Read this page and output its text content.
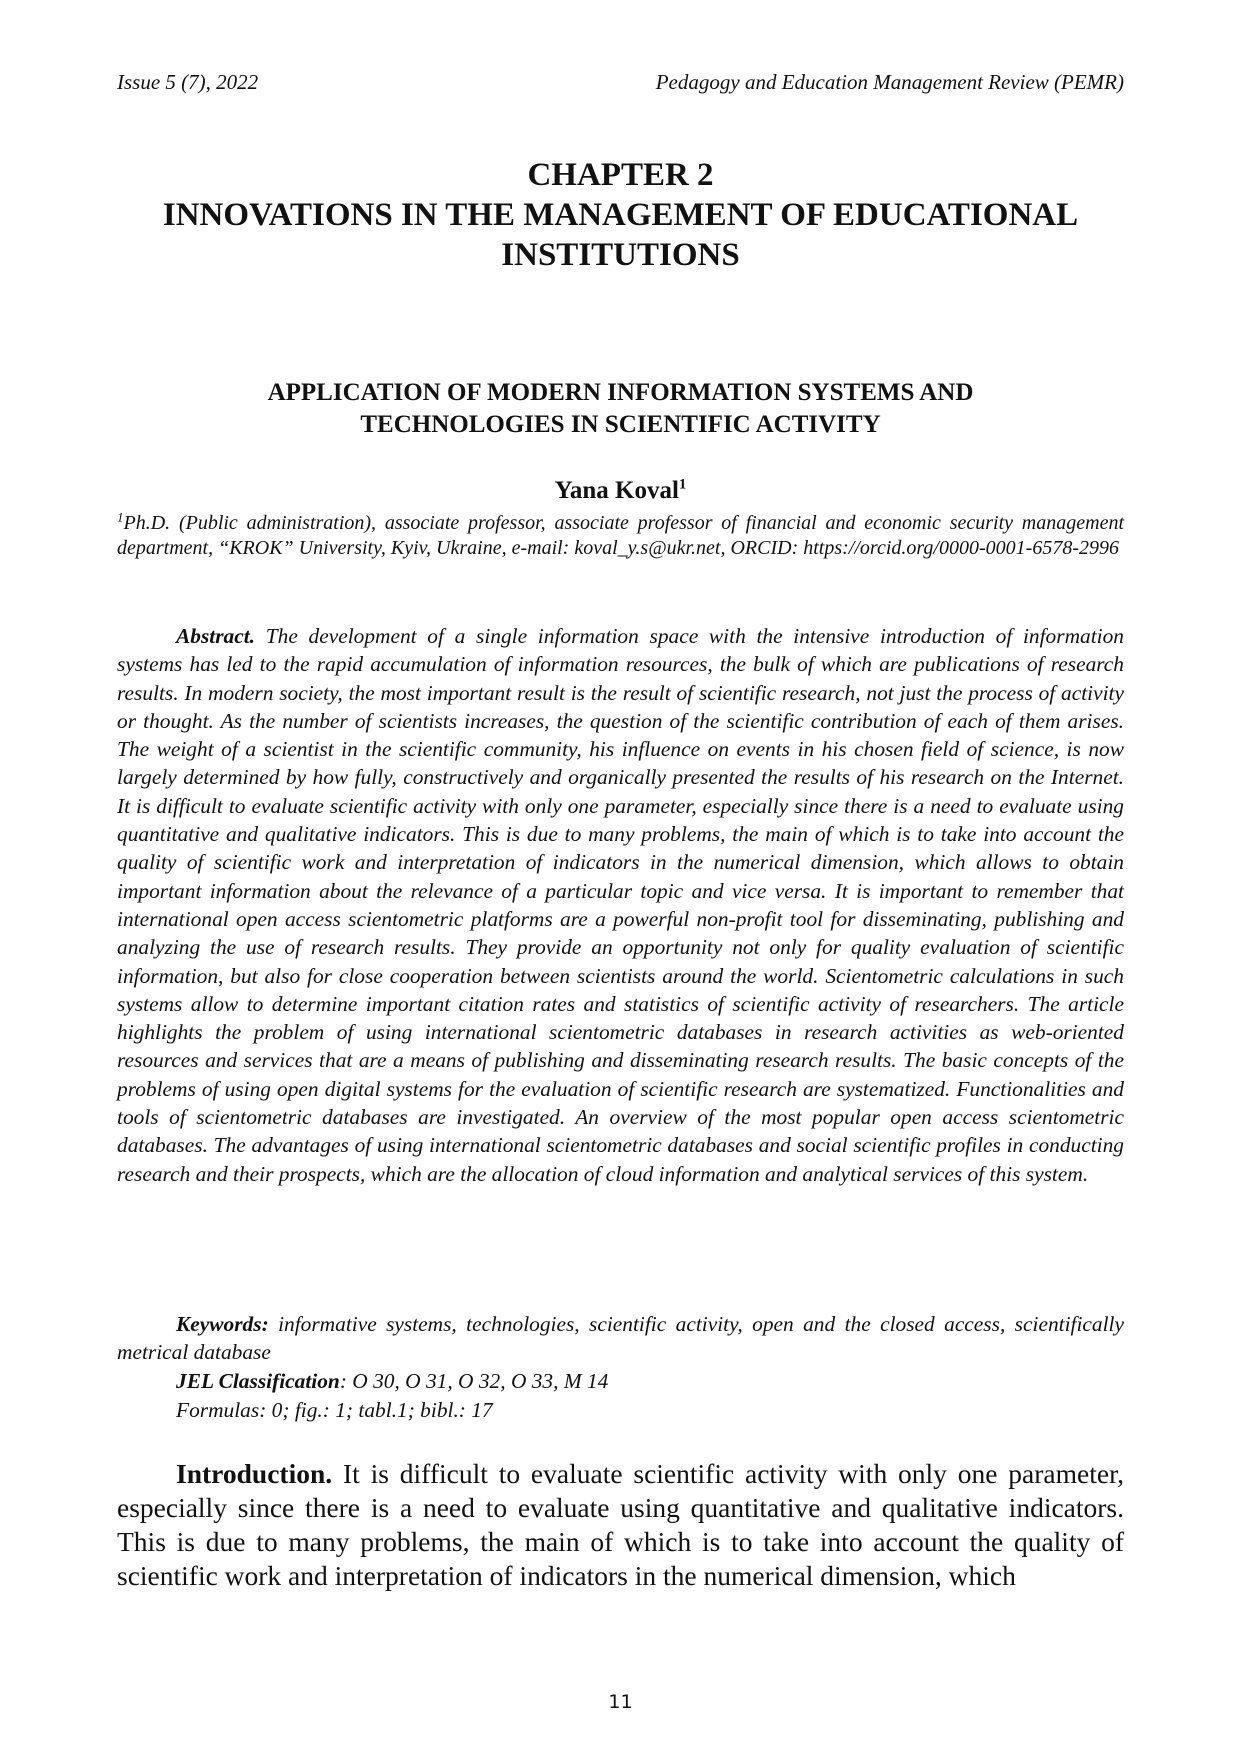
Issue 5 (7), 2022	Pedagogy and Education Management Review (PEMR)
CHAPTER 2
INNOVATIONS IN THE MANAGEMENT OF EDUCATIONAL
INSTITUTIONS
APPLICATION OF MODERN INFORMATION SYSTEMS AND
TECHNOLOGIES IN SCIENTIFIC ACTIVITY
Yana Koval$^1$
$^1$Ph.D. (Public administration), associate professor, associate professor of financial and economic security management department, “KROK” University, Kyiv, Ukraine, e-mail: koval_y.s@ukr.net, ORCID: https://orcid.org/0000-0001-6578-2996

Abstract. The development of a single information space with the intensive introduction of information systems has led to the rapid accumulation of information resources, the bulk of which are publications of research results. In modern society, the most important result is the result of scientific research, not just the process of activity or thought. As the number of scientists increases, the question of the scientific contribution of each of them arises. The weight of a scientist in the scientific community, his influence on events in his chosen field of science, is now largely determined by how fully, constructively and organically presented the results of his research on the Internet. It is difficult to evaluate scientific activity with only one parameter, especially since there is a need to evaluate using quantitative and qualitative indicators. This is due to many problems, the main of which is to take into account the quality of scientific work and interpretation of indicators in the numerical dimension, which allows to obtain important information about the relevance of a particular topic and vice versa. It is important to remember that international open access scientometric platforms are a powerful non-profit tool for disseminating, publishing and analyzing the use of research results. They provide an opportunity not only for quality evaluation of scientific information, but also for close cooperation between scientists around the world. Scientometric calculations in such systems allow to determine important citation rates and statistics of scientific activity of researchers. The article highlights the problem of using international scientometric databases in research activities as web-oriented resources and services that are a means of publishing and disseminating research results. The basic concepts of the problems of using open digital systems for the evaluation of scientific research are systematized. Functionalities and tools of scientometric databases are investigated. An overview of the most popular open access scientometric databases. The advantages of using international scientometric databases and social scientific profiles in conducting research and their prospects, which are the allocation of cloud information and analytical services of this system.

Keywords: informative systems, technologies, scientific activity, open and the closed access, scientifically metrical database
JEL Classification: O 30, O 31, O 32, O 33, M 14
Formulas: 0; fig.: 1; tabl.1; bibl.: 17

Introduction. It is difficult to evaluate scientific activity with only one parameter, especially since there is a need to evaluate using quantitative and qualitative indicators. This is due to many problems, the main of which is to take into account the quality of scientific work and interpretation of indicators in the numerical dimension, which

11
